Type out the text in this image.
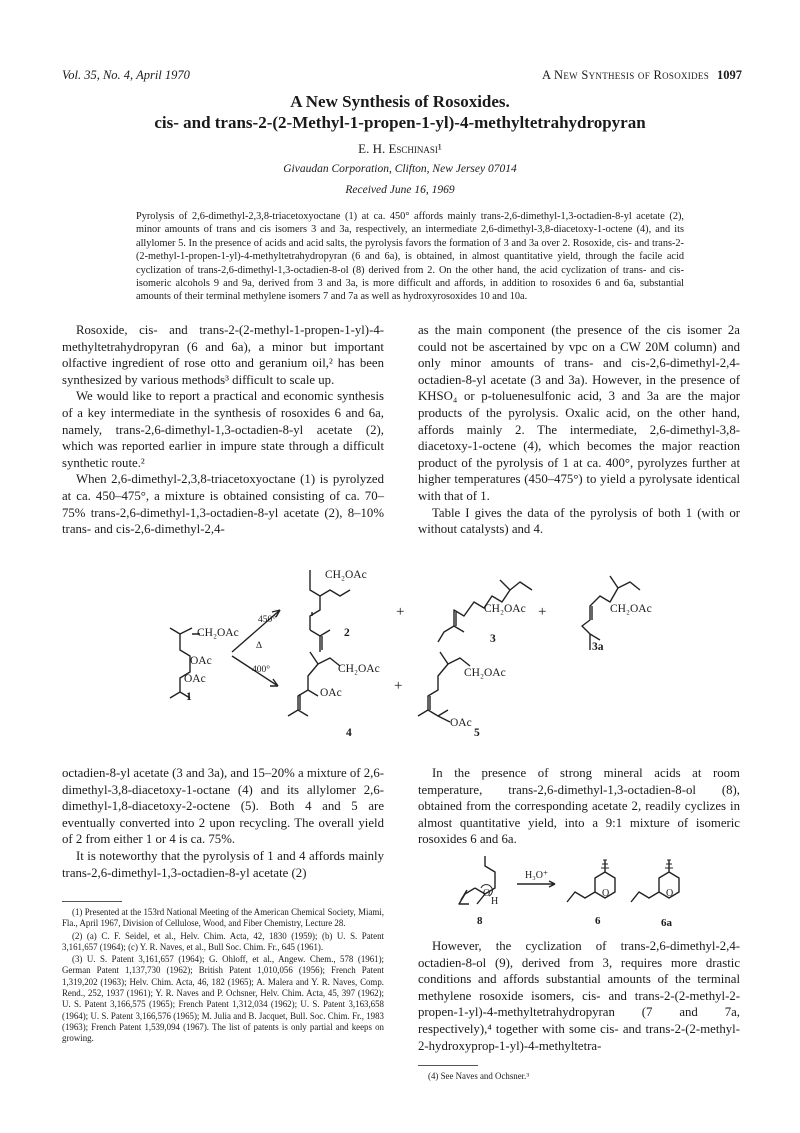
Vol. 35, No. 4, April 1970	A New Synthesis of Rosoxides 1097
A New Synthesis of Rosoxides.
cis- and trans-2-(2-Methyl-1-propen-1-yl)-4-methyltetrahydropyran
E. H. Eschinasi¹
Givaudan Corporation, Clifton, New Jersey 07014
Received June 16, 1969
Pyrolysis of 2,6-dimethyl-2,3,8-triacetoxyoctane (1) at ca. 450° affords mainly trans-2,6-dimethyl-1,3-octadien-8-yl acetate (2), minor amounts of trans and cis isomers 3 and 3a, respectively, an intermediate 2,6-dimethyl-3,8-diacetoxy-1-octene (4), and its allylomer 5. In the presence of acids and acid salts, the pyrolysis favors the formation of 3 and 3a over 2. Rosoxide, cis- and trans-2-(2-methyl-1-propen-1-yl)-4-methyltetrahydropyran (6 and 6a), is obtained, in almost quantitative yield, through the facile acid cyclization of trans-2,6-dimethyl-1,3-octadien-8-ol (8) derived from 2. On the other hand, the acid cyclization of trans- and cis-isomeric alcohols 9 and 9a, derived from 3 and 3a, is more difficult and affords, in addition to rosoxides 6 and 6a, substantial amounts of their terminal methylene isomers 7 and 7a as well as hydroxyrosoxides 10 and 10a.

Rosoxide, cis- and trans-2-(2-methyl-1-propen-1-yl)-4-methyltetrahydropyran (6 and 6a), a minor but important olfactive ingredient of rose otto and geranium oil,² has been synthesized by various methods³ difficult to scale up.

We would like to report a practical and economic synthesis of a key intermediate in the synthesis of rosoxides 6 and 6a, namely, trans-2,6-dimethyl-1,3-octadien-8-yl acetate (2), which was reported earlier in impure state through a difficult synthetic route.²

When 2,6-dimethyl-2,3,8-triacetoxyoctane (1) is pyrolyzed at ca. 450–475°, a mixture is obtained consisting of ca. 70–75% trans-2,6-dimethyl-1,3-octadien-8-yl acetate (2), 8–10% trans- and cis-2,6-dimethyl-2,4-

as the main component (the presence of the cis isomer 2a could not be ascertained by vpc on a CW 20M column) and only minor amounts of trans- and cis-2,6-dimethyl-2,4-octadien-8-yl acetate (3 and 3a). However, in the presence of KHSO₄ or p-toluenesulfonic acid, 3 and 3a are the major products of the pyrolysis. Oxalic acid, on the other hand, affords mainly 2. The intermediate, 2,6-dimethyl-3,8-diacetoxy-1-octene (4), which becomes the major reaction product of the pyrolysis of 1 at ca. 400°, pyrolyzes further at higher temperatures (450–475°) to yield a pyrolysate identical with that of 1.

Table I gives the data of the pyrolysis of both 1 (with or without catalysts) and 4.

CH₂OAc
CH₂OAc
OAc
OAc
CH₂OAc	CH₂OAc
CH₂OAc
OAc
CH₂OAc
OAc
450°
Δ
400°
1
2	3
3a
4	5
+	+
+

octadien-8-yl acetate (3 and 3a), and 15–20% a mixture of 2,6-dimethyl-3,8-diacetoxy-1-octane (4) and its allylomer 2,6-dimethyl-1,8-diacetoxy-2-octene (5). Both 4 and 5 are eventually converted into 2 upon recycling. The overall yield of 2 from either 1 or 4 is ca. 75%.

It is noteworthy that the pyrolysis of 1 and 4 affords mainly trans-2,6-dimethyl-1,3-octadien-8-yl acetate (2)

In the presence of strong mineral acids at room temperature, trans-2,6-dimethyl-1,3-octadien-8-ol (8), obtained from the corresponding acetate 2, readily cyclizes in almost quantitative yield, into a 9:1 mixture of isomeric rosoxides 6 and 6a.

H₃O⁺
O
H
O	O
8	6	6a

However, the cyclization of trans-2,6-dimethyl-2,4-octadien-8-ol (9), derived from 3, requires more drastic conditions and affords substantial amounts of the terminal methylene rosoxide isomers, cis- and trans-2-(2-methyl-2-propen-1-yl)-4-methyltetrahydropyran (7 and 7a, respectively),⁴ together with some cis- and trans-2-(2-methyl-2-hydroxyprop-1-yl)-4-methyltetra-

(1) Presented at the 153rd National Meeting of the American Chemical Society, Miami, Fla., April 1967, Division of Cellulose, Wood, and Fiber Chemistry, Lecture 28.

(2) (a) C. F. Seidel, et al., Helv. Chim. Acta, 42, 1830 (1959); (b) U. S. Patent 3,161,657 (1964); (c) Y. R. Naves, et al., Bull Soc. Chim. Fr., 645 (1961).

(3) U. S. Patent 3,161,657 (1964); G. Ohloff, et al., Angew. Chem., 578 (1961); German Patent 1,137,730 (1962); British Patent 1,010,056 (1956); French Patent 1,319,202 (1963); Helv. Chim. Acta, 46, 182 (1965); A. Malera and Y. R. Naves, Comp. Rend., 252, 1937 (1961); Y. R. Naves and P. Ochsner, Helv. Chim. Acta, 45, 397 (1962); U. S. Patent 3,166,575 (1965); French Patent 1,312,034 (1962); U. S. Patent 3,163,658 (1964); U. S. Patent 3,166,576 (1965); M. Julia and B. Jacquet, Bull. Soc. Chim. Fr., 1983 (1963); French Patent 1,539,094 (1967). The list of patents is only partial and keeps on growing.

(4) See Naves and Ochsner.³
